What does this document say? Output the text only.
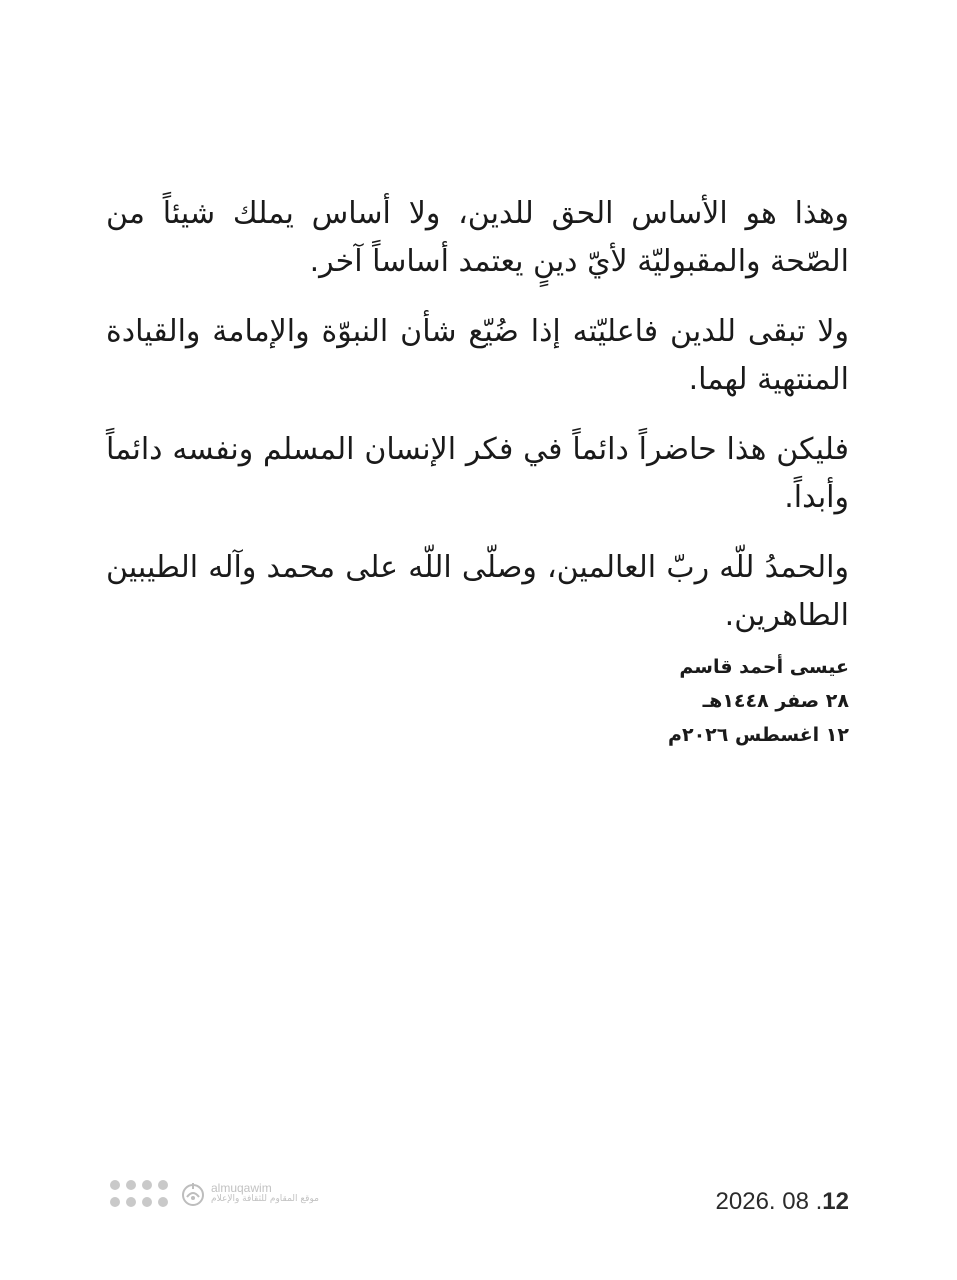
وهذا هو الأساس الحق للدين، ولا أساس يملك شيئاً من الصّحة والمقبوليّة لأيّ دينٍ يعتمد أساساً آخر.

ولا تبقى للدين فاعليّته إذا ضُيّع شأن النبوّة والإمامة والقيادة المنتهية لهما.

فليكن هذا حاضراً دائماً في فكر الإنسان المسلم ونفسه دائماً وأبداً.

والحمدُ للّه ربّ العالمين، وصلّى اللّه على محمد وآله الطيبين الطاهرين.

عيسى أحمد قاسم
٢٨ صفر ١٤٤٨هـ
١٢ اغسطس ٢٠٢٦م
almuqawim
موقع المقاوم للثقافة والإعلام	2026. 08 .12
